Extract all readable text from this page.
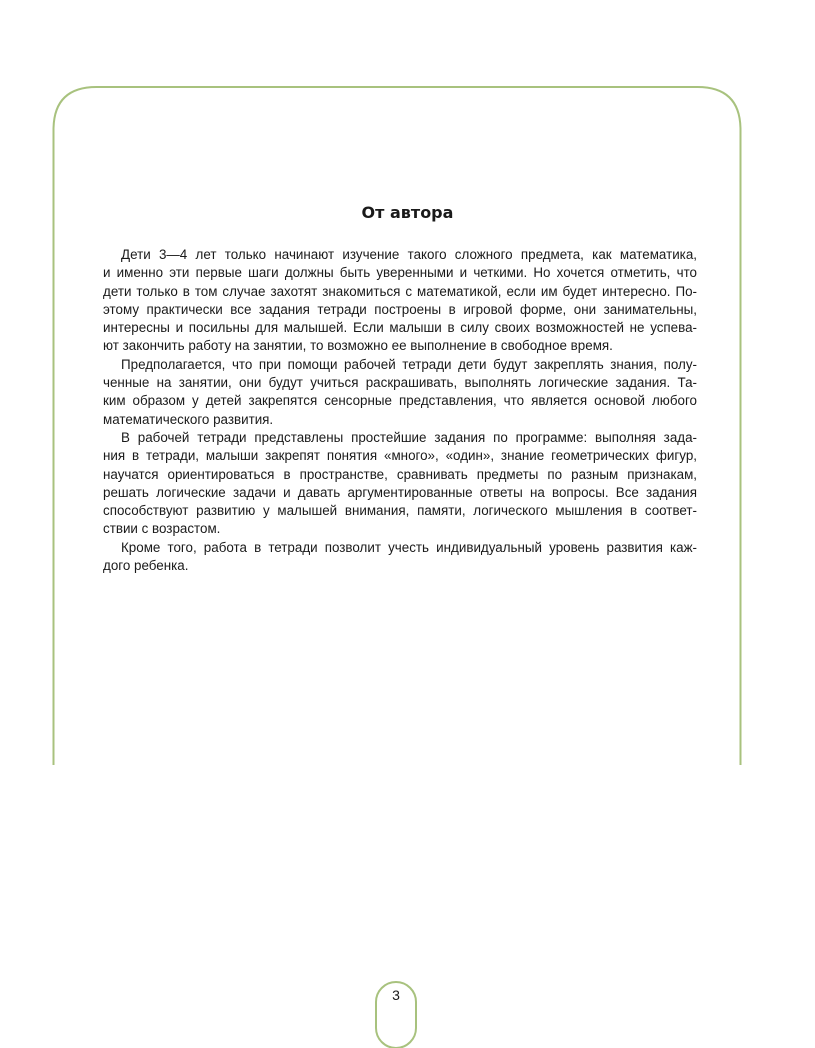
От автора
Дети 3—4 лет только начинают изучение такого сложного предмета, как математика,
и именно эти первые шаги должны быть уверенными и четкими. Но хочется отметить, что
дети только в том случае захотят знакомиться с математикой, если им будет интересно. По-
этому практически все задания тетради построены в игровой форме, они занимательны,
интересны и посильны для малышей. Если малыши в силу своих возможностей не успева-
ют закончить работу на занятии, то возможно ее выполнение в свободное время.
Предполагается, что при помощи рабочей тетради дети будут закреплять знания, полу-
ченные на занятии, они будут учиться раскрашивать, выполнять логические задания. Та-
ким образом у детей закрепятся сенсорные представления, что является основой любого
математического развития.
В рабочей тетради представлены простейшие задания по программе: выполняя зада-
ния в тетради, малыши закрепят понятия «много», «один», знание геометрических фигур,
научатся ориентироваться в пространстве, сравнивать предметы по разным признакам,
решать логические задачи и давать аргументированные ответы на вопросы. Все задания
способствуют развитию у малышей внимания, памяти, логического мышления в соответ-
ствии с возрастом.
Кроме того, работа в тетради позволит учесть индивидуальный уровень развития каж-
дого ребенка.
3
